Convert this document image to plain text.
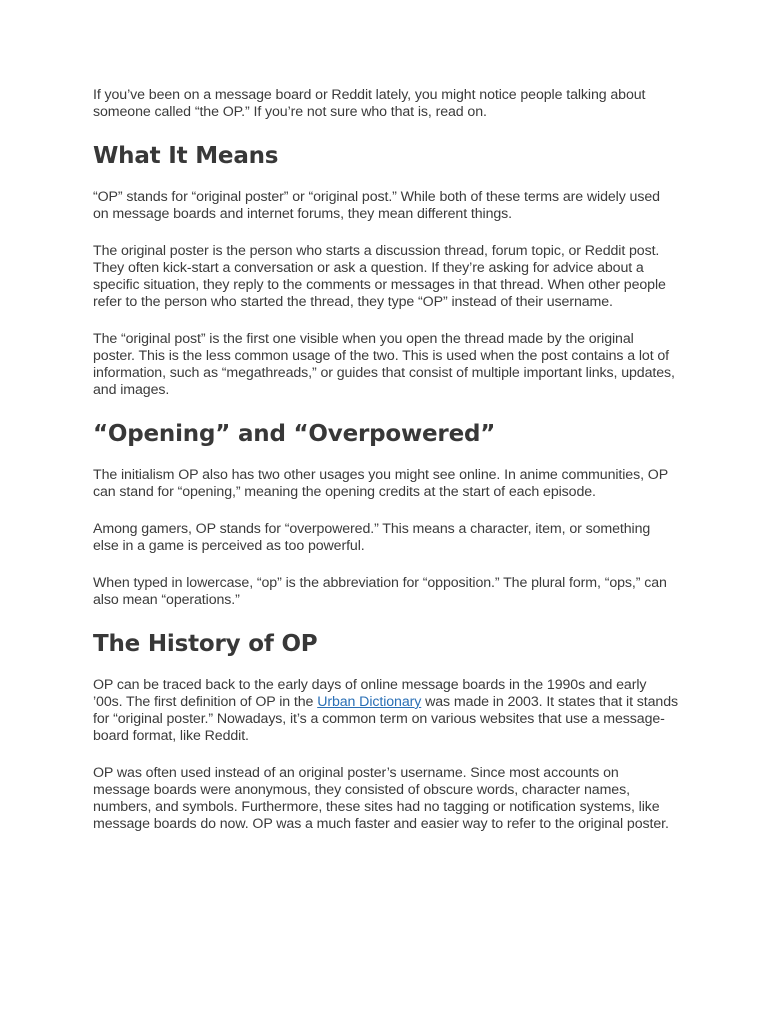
If you’ve been on a message board or Reddit lately, you might notice people talking about someone called “the OP.” If you’re not sure who that is, read on.

What It Means

“OP” stands for “original poster” or “original post.” While both of these terms are widely used on message boards and internet forums, they mean different things.

The original poster is the person who starts a discussion thread, forum topic, or Reddit post. They often kick-start a conversation or ask a question. If they’re asking for advice about a specific situation, they reply to the comments or messages in that thread. When other people refer to the person who started the thread, they type “OP” instead of their username.

The “original post” is the first one visible when you open the thread made by the original poster. This is the less common usage of the two. This is used when the post contains a lot of information, such as “megathreads,” or guides that consist of multiple important links, updates, and images.

“Opening” and “Overpowered”

The initialism OP also has two other usages you might see online. In anime communities, OP can stand for “opening,” meaning the opening credits at the start of each episode.

Among gamers, OP stands for “overpowered.” This means a character, item, or something else in a game is perceived as too powerful.

When typed in lowercase, “op” is the abbreviation for “opposition.” The plural form, “ops,” can also mean “operations.”

The History of OP

OP can be traced back to the early days of online message boards in the 1990s and early ’00s. The first definition of OP in the Urban Dictionary was made in 2003. It states that it stands for “original poster.” Nowadays, it’s a common term on various websites that use a message-board format, like Reddit.

OP was often used instead of an original poster’s username. Since most accounts on message boards were anonymous, they consisted of obscure words, character names, numbers, and symbols. Furthermore, these sites had no tagging or notification systems, like message boards do now. OP was a much faster and easier way to refer to the original poster.
